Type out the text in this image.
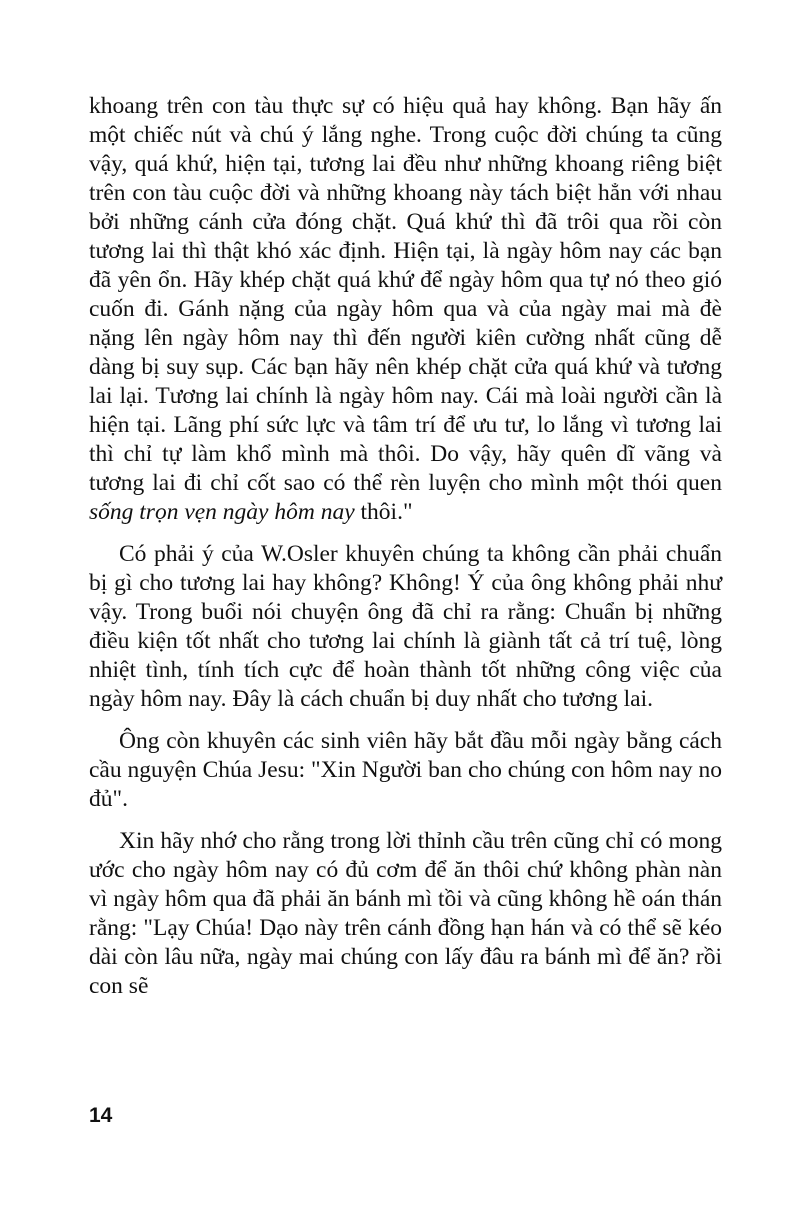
khoang trên con tàu thực sự có hiệu quả hay không. Bạn hãy ấn một chiếc nút và chú ý lắng nghe. Trong cuộc đời chúng ta cũng vậy, quá khứ, hiện tại, tương lai đều như những khoang riêng biệt trên con tàu cuộc đời và những khoang này tách biệt hẳn với nhau bởi những cánh cửa đóng chặt. Quá khứ thì đã trôi qua rồi còn tương lai thì thật khó xác định. Hiện tại, là ngày hôm nay các bạn đã yên ổn. Hãy khép chặt quá khứ để ngày hôm qua tự nó theo gió cuốn đi. Gánh nặng của ngày hôm qua và của ngày mai mà đè nặng lên ngày hôm nay thì đến người kiên cường nhất cũng dễ dàng bị suy sụp. Các bạn hãy nên khép chặt cửa quá khứ và tương lai lại. Tương lai chính là ngày hôm nay. Cái mà loài người cần là hiện tại. Lãng phí sức lực và tâm trí để ưu tư, lo lắng vì tương lai thì chỉ tự làm khổ mình mà thôi. Do vậy, hãy quên dĩ vãng và tương lai đi chỉ cốt sao có thể rèn luyện cho mình một thói quen sống trọn vẹn ngày hôm nay thôi."

Có phải ý của W.Osler khuyên chúng ta không cần phải chuẩn bị gì cho tương lai hay không? Không! Ý của ông không phải như vậy. Trong buổi nói chuyện ông đã chỉ ra rằng: Chuẩn bị những điều kiện tốt nhất cho tương lai chính là giành tất cả trí tuệ, lòng nhiệt tình, tính tích cực để hoàn thành tốt những công việc của ngày hôm nay. Đây là cách chuẩn bị duy nhất cho tương lai.

Ông còn khuyên các sinh viên hãy bắt đầu mỗi ngày bằng cách cầu nguyện Chúa Jesu: "Xin Người ban cho chúng con hôm nay no đủ".

Xin hãy nhớ cho rằng trong lời thỉnh cầu trên cũng chỉ có mong ước cho ngày hôm nay có đủ cơm để ăn thôi chứ không phàn nàn vì ngày hôm qua đã phải ăn bánh mì tồi và cũng không hề oán thán rằng: "Lạy Chúa! Dạo này trên cánh đồng hạn hán và có thể sẽ kéo dài còn lâu nữa, ngày mai chúng con lấy đâu ra bánh mì để ăn? rồi con sẽ

14
